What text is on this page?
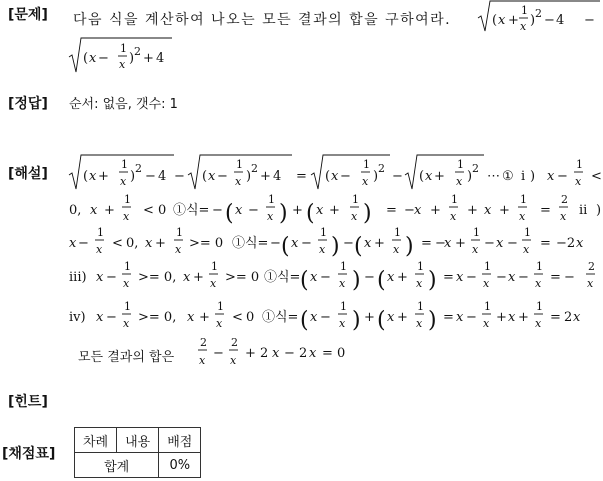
[문제]
[정답]
[해설]
[힌트]
[채점표]
다음 식을 계산하여 나오는 모든 결과의 합을 구하여라.
순서: 없음, 갯수: 1
모든 결과의 합은
( x +
1
x ) 2 − 4 −
( x −
1
x ) 2 + 4
( x +
1
x )
2
− 4 − ( x −
1
x )
2
+ 4 = ( x −
1
x )
2
− ( x +
1
x )
2
⋯ ① i ) x −
1
x <
0, x +
1
x < 0 ①식= − ( x −
1
x ) + ( x +
1
x ) = − x +
1
x + x +
1
x =
2
x ii )
x −
1
x < 0, x +
1
x >= 0 ①식= − ( x −
1
x ) − ( x +
1
x ) = −
x +
1
x − x −
1
x = −2 x
iii) x −
1
x >= 0, x +
1
x >= 0 ①식= ( x −
1
x ) − ( x +
1
x ) = x −
1
x − x −
1
x = −
2
x
iv) x −
1
x >= 0, x +
1
x < 0 ①식= ( x −
1
x ) + ( x +
1
x ) = x −
1
x + x +
1
x = 2 x
2
x −
2
x + 2 x − 2 x = 0
차례	내용	배점
합계		0%
